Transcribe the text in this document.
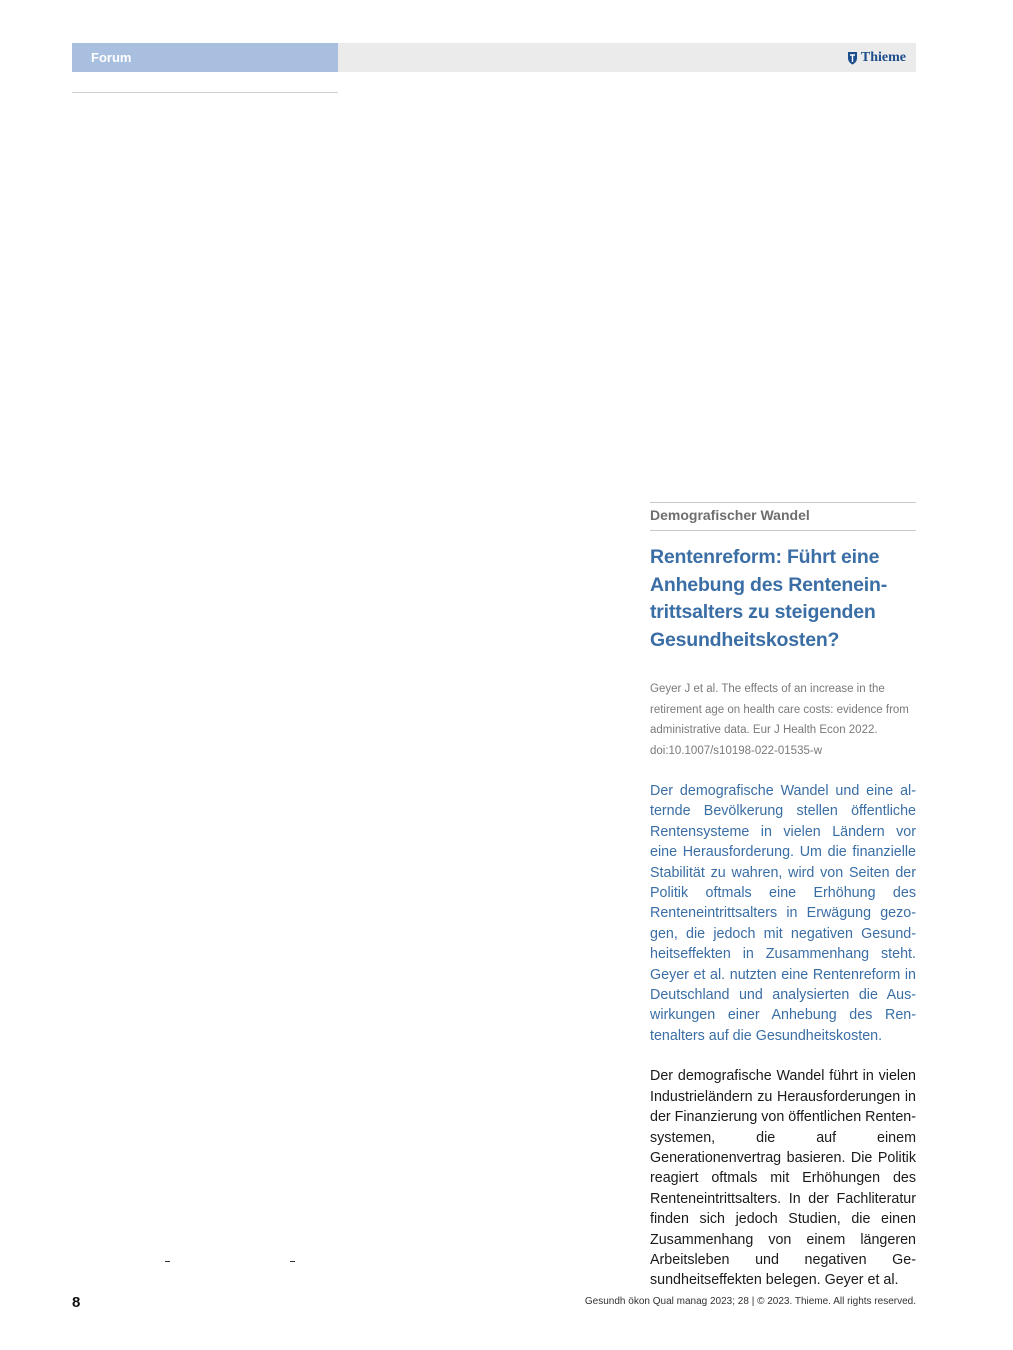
Forum	Thieme
Demografischer Wandel
Rentenreform: Führt eine Anhebung des Renteneintrittsalters zu steigenden Gesundheitskosten?
Geyer J et al. The effects of an increase in the retirement age on health care costs: evidence from administrative data. Eur J Health Econ 2022. doi:10.1007/s10198-022-01535-w

Der demografische Wandel und eine alternde Bevölkerung stellen öffentliche Rentensysteme in vielen Ländern vor eine Herausforderung. Um die finanzielle Stabilität zu wahren, wird von Seiten der Politik oftmals eine Erhöhung des Renteneintrittsalters in Erwägung gezogen, die jedoch mit negativen Gesundheitseffekten in Zusammenhang steht. Geyer et al. nutzten eine Rentenreform in Deutschland und analysierten die Auswirkungen einer Anhebung des Rentenalters auf die Gesundheitskosten.

Der demografische Wandel führt in vielen Industrieländern zu Herausforderungen in der Finanzierung von öffentlichen Rentensystemen, die auf einem Generationenvertrag basieren. Die Politik reagiert oftmals mit Erhöhungen des Renteneintrittsalters. In der Fachliteratur finden sich jedoch Studien, die einen Zusammenhang von einem längeren Arbeitsleben und negativen Gesundheitseffekten belegen. Geyer et al.

8	Gesundh ökon Qual manag 2023; 28 | © 2023. Thieme. All rights reserved.
